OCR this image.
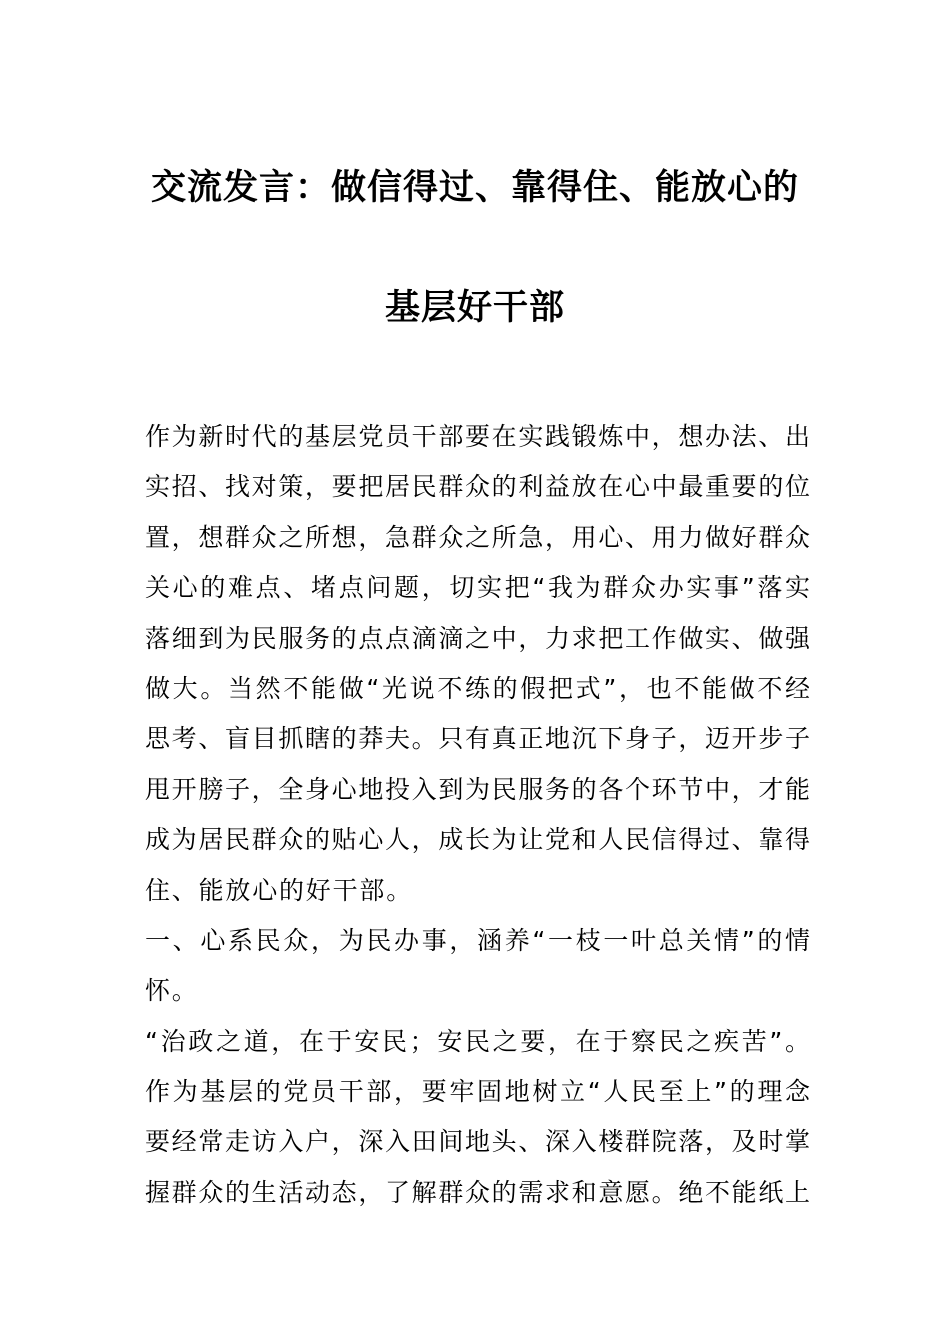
交流发言：做信得过、靠得住、能放心的
基层好干部
作为新时代的基层党员干部要在实践锻炼中，想办法、出
实招、找对策，要把居民群众的利益放在心中最重要的位
置，想群众之所想，急群众之所急，用心、用力做好群众
关心的难点、堵点问题，切实把“我为群众办实事”落实
落细到为民服务的点点滴滴之中，力求把工作做实、做强
做大。当然不能做“光说不练的假把式”，也不能做不经
思考、盲目抓瞎的莽夫。只有真正地沉下身子，迈开步子
甩开膀子，全身心地投入到为民服务的各个环节中，才能
成为居民群众的贴心人，成长为让党和人民信得过、靠得
住、能放心的好干部。
一、心系民众，为民办事，涵养“一枝一叶总关情”的情
怀。
“治政之道，在于安民；安民之要，在于察民之疾苦”。
作为基层的党员干部，要牢固地树立“人民至上”的理念
要经常走访入户，深入田间地头、深入楼群院落，及时掌
握群众的生活动态，了解群众的需求和意愿。绝不能纸上
